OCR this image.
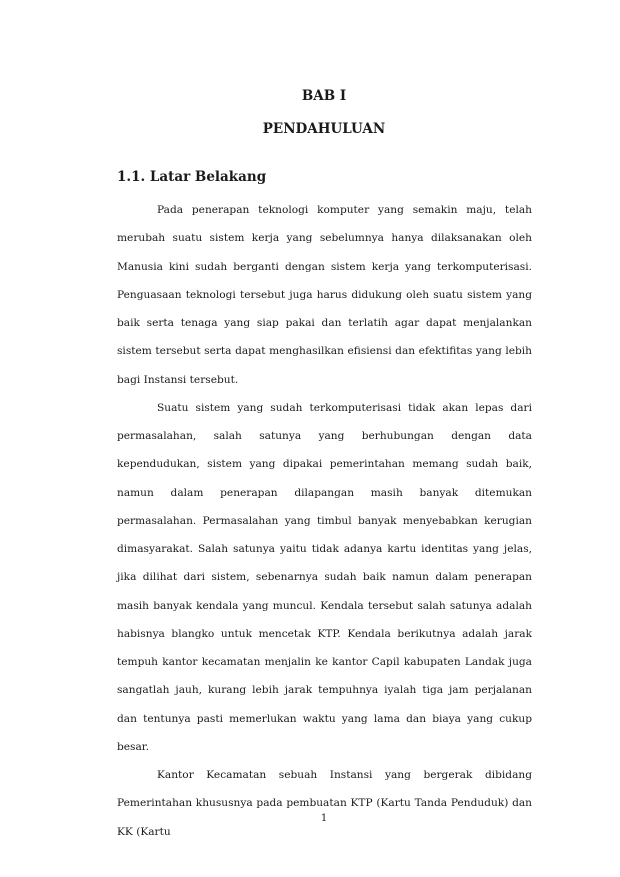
BAB I
PENDAHULUAN
1.1. Latar Belakang

Pada penerapan teknologi komputer yang semakin maju, telah merubah suatu sistem kerja yang sebelumnya hanya dilaksanakan oleh Manusia kini sudah berganti dengan sistem kerja yang terkomputerisasi. Penguasaan teknologi tersebut juga harus didukung oleh suatu sistem yang baik serta tenaga yang siap pakai dan terlatih agar dapat menjalankan sistem tersebut serta dapat menghasilkan efisiensi dan efektifitas yang lebih bagi Instansi tersebut.

Suatu sistem yang sudah terkomputerisasi tidak akan lepas dari permasalahan, salah satunya yang berhubungan dengan data kependudukan, sistem yang dipakai pemerintahan memang sudah baik, namun dalam penerapan dilapangan masih banyak ditemukan permasalahan. Permasalahan yang timbul banyak menyebabkan kerugian dimasyarakat. Salah satunya yaitu tidak adanya kartu identitas yang jelas, jika dilihat dari sistem, sebenarnya sudah baik namun dalam penerapan masih banyak kendala yang muncul. Kendala tersebut salah satunya adalah habisnya blangko untuk mencetak KTP. Kendala berikutnya adalah jarak tempuh kantor kecamatan menjalin ke kantor Capil kabupaten Landak juga sangatlah jauh, kurang lebih jarak tempuhnya iyalah tiga jam perjalanan dan tentunya pasti memerlukan waktu yang lama dan biaya yang cukup besar.

Kantor Kecamatan sebuah Instansi yang bergerak dibidang Pemerintahan khususnya pada pembuatan KTP (Kartu Tanda Penduduk) dan KK (Kartu

1
